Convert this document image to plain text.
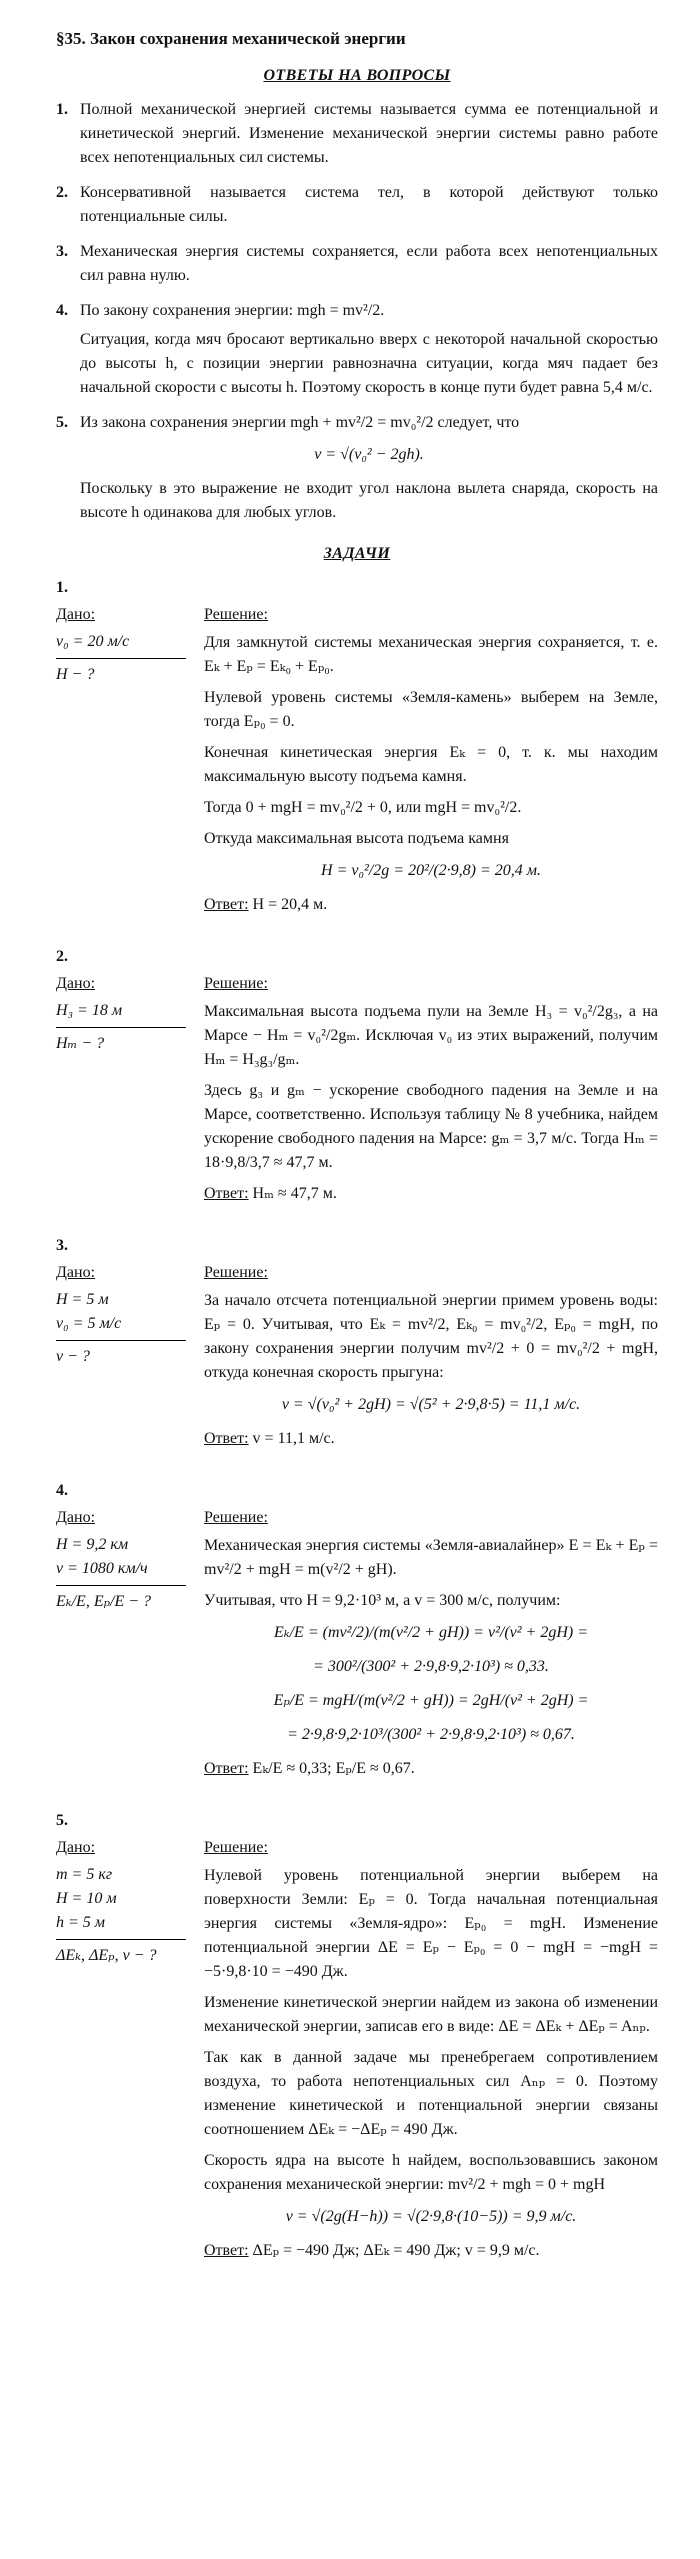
§35. Закон сохранения механической энергии
ОТВЕТЫ НА ВОПРОСЫ
1. Полной механической энергией системы называется сумма ее потенциальной и кинетической энергий. Изменение механической энергии системы равно работе всех непотенциальных сил системы.

2. Консервативной называется система тел, в которой действуют только потенциальные силы.

3. Механическая энергия системы сохраняется, если работа всех непотенциальных сил равна нулю.

4. По закону сохранения энергии: mgh = mv²/2.

Ситуация, когда мяч бросают вертикально вверх с некоторой начальной скоростью до высоты h, с позиции энергии равнозначна ситуации, когда мяч падает без начальной скорости с высоты h. Поэтому скорость в конце пути будет равна 5,4 м/с.

5. Из закона сохранения энергии mgh + mv²/2 = mv₀²/2 следует, что

v = √(v₀² − 2gh).

Поскольку в это выражение не входит угол наклона вылета снаряда, скорость на высоте h одинакова для любых углов.

ЗАДАЧИ
1.
Дано:
v₀ = 20 м/с
H − ?
Решение:

Для замкнутой системы механическая энергия сохраняется, т. е. Eₖ + Eₚ = Eₖ₀ + Eₚ₀.

Нулевой уровень системы «Земля-камень» выберем на Земле, тогда Eₚ₀ = 0.

Конечная кинетическая энергия Eₖ = 0, т. к. мы находим максимальную высоту подъема камня.

Тогда 0 + mgH = mv₀²/2 + 0, или mgH = mv₀²/2.

Откуда максимальная высота подъема камня

H = v₀²/2g = 20²/(2·9,8) = 20,4 м.

Ответ: H = 20,4 м.

2.
Дано:
H₃ = 18 м
Hₘ − ?
Решение:

Максимальная высота подъема пули на Земле H₃ = v₀²/2g₃, а на Марсе − Hₘ = v₀²/2gₘ. Исключая v₀ из этих выражений, получим Hₘ = H₃g₃/gₘ.

Здесь g₃ и gₘ − ускорение свободного падения на Земле и на Марсе, соответственно. Используя таблицу № 8 учебника, найдем ускорение свободного падения на Марсе: gₘ = 3,7 м/с. Тогда Hₘ = 18·9,8/3,7 ≈ 47,7 м.

Ответ: Hₘ ≈ 47,7 м.

3.
Дано:
H = 5 м
v₀ = 5 м/с
v − ?
Решение:

За начало отсчета потенциальной энергии примем уровень воды: Eₚ = 0. Учитывая, что Eₖ = mv²/2, Eₖ₀ = mv₀²/2, Eₚ₀ = mgH, по закону сохранения энергии получим mv²/2 + 0 = mv₀²/2 + mgH, откуда конечная скорость прыгуна:

v = √(v₀² + 2gH) = √(5² + 2·9,8·5) = 11,1 м/с.

Ответ: v = 11,1 м/с.

4.
Дано:
H = 9,2 км
v = 1080 км/ч
Eₖ/E, Eₚ/E − ?
Решение:

Механическая энергия системы «Земля-авиалайнер» E = Eₖ + Eₚ = mv²/2 + mgH = m(v²/2 + gH).

Учитывая, что H = 9,2·10³ м, а v = 300 м/с, получим:

Eₖ/E = (mv²/2)/(m(v²/2 + gH)) = v²/(v² + 2gH) =
= 300²/(300² + 2·9,8·9,2·10³) ≈ 0,33.
Eₚ/E = mgH/(m(v²/2 + gH)) = 2gH/(v² + 2gH) =
= 2·9,8·9,2·10³/(300² + 2·9,8·9,2·10³) ≈ 0,67.

Ответ: Eₖ/E ≈ 0,33; Eₚ/E ≈ 0,67.

5.
Дано:
m = 5 кг
H = 10 м
h = 5 м
ΔEₖ, ΔEₚ, v − ?
Решение:

Нулевой уровень потенциальной энергии выберем на поверхности Земли: Eₚ = 0. Тогда начальная потенциальная энергия системы «Земля-ядро»: Eₚ₀ = mgH. Изменение потенциальной энергии ΔE = Eₚ − Eₚ₀ = 0 − mgH = −mgH = −5·9,8·10 = −490 Дж.

Изменение кинетической энергии найдем из закона об изменении механической энергии, записав его в виде: ΔE = ΔEₖ + ΔEₚ = Aₙₚ.

Так как в данной задаче мы пренебрегаем сопротивлением воздуха, то работа непотенциальных сил Aₙₚ = 0. Поэтому изменение кинетической и потенциальной энергии связаны соотношением ΔEₖ = −ΔEₚ = 490 Дж.

Скорость ядра на высоте h найдем, воспользовавшись законом сохранения механической энергии: mv²/2 + mgh = 0 + mgH

v = √(2g(H−h)) = √(2·9,8·(10−5)) = 9,9 м/с.

Ответ: ΔEₚ = −490 Дж; ΔEₖ = 490 Дж; v = 9,9 м/с.
